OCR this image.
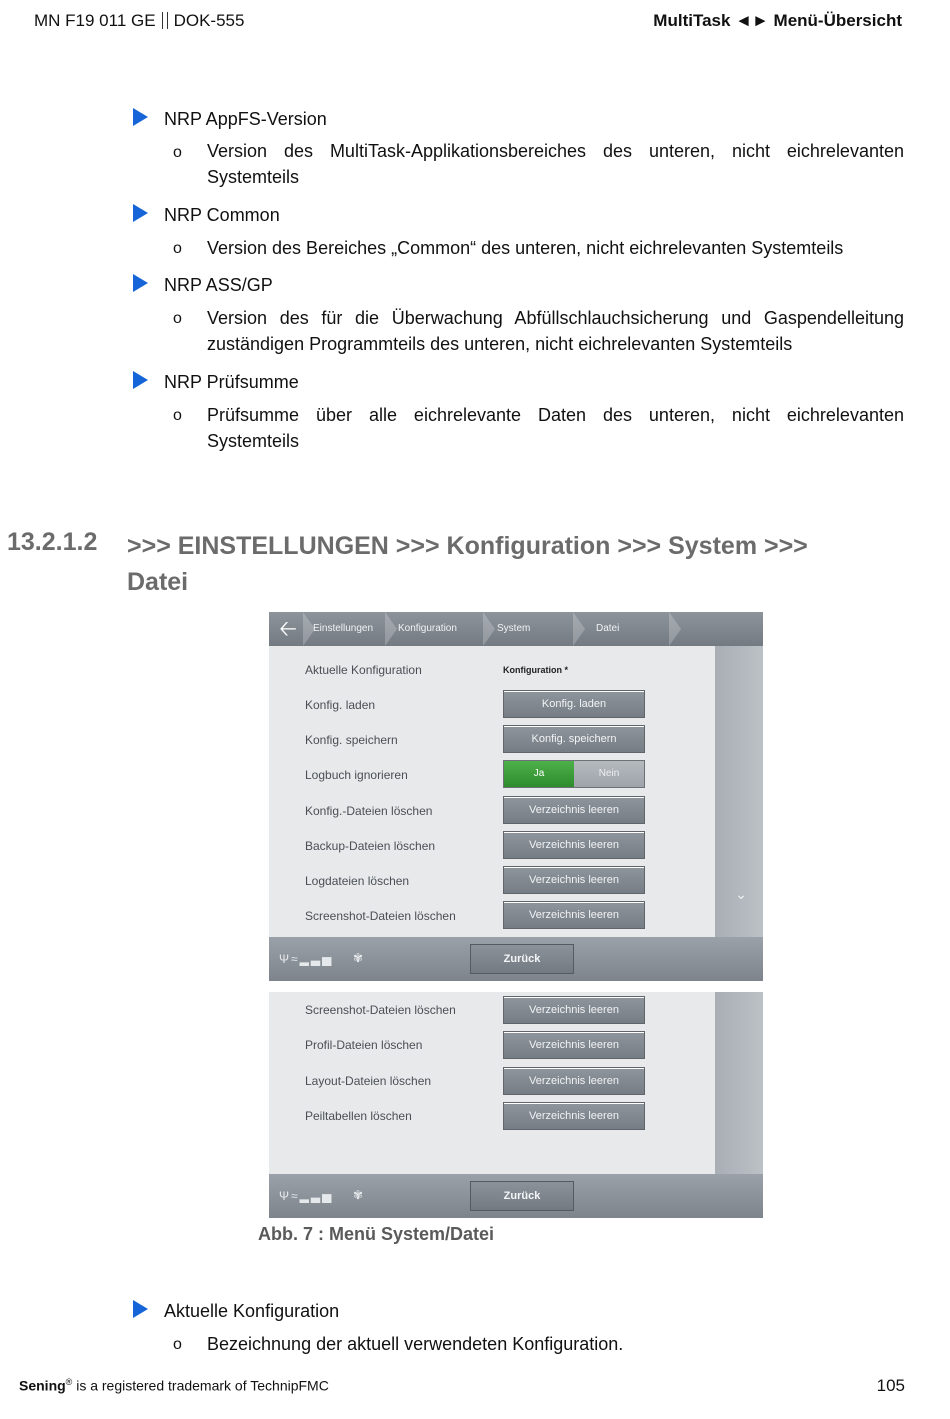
MN F19 011 GE DOK-555	MultiTask ◄► Menü-Übersicht
NRP AppFS-Version
o Version des MultiTask-Applikationsbereiches des unteren, nicht eichrelevanten Systemteils
NRP Common
o Version des Bereiches „Common“ des unteren, nicht eichrelevanten Systemteils
NRP ASS/GP
o Version des für die Überwachung Abfüllschlauchsicherung und Gaspendelleitung zuständigen Programmteils des unteren, nicht eichrelevanten Systemteils
NRP Prüfsumme
o Prüfsumme über alle eichrelevante Daten des unteren, nicht eichrelevanten Systemteils
13.2.1.2 >>> EINSTELLUNGEN >>> Konfiguration >>> System >>>
Datei
🡠	Einstellungen Konfiguration	System	Datei
⌄
Aktuelle Konfiguration	Konfiguration *
Konfig. laden	Konfig. laden
Konfig. speichern	Konfig. speichern
Logbuch ignorieren	Ja	Nein
Konfig.-Dateien löschen	Verzeichnis leeren
Backup-Dateien löschen	Verzeichnis leeren
Logdateien löschen	Verzeichnis leeren
Screenshot-Dateien löschen	Verzeichnis leeren
Ψ≈▂▃▅ ✾	Zurück
Screenshot-Dateien löschen	Verzeichnis leeren
Profil-Dateien löschen	Verzeichnis leeren
Layout-Dateien löschen	Verzeichnis leeren
Peiltabellen löschen	Verzeichnis leeren
Ψ≈▂▃▅ ✾	Zurück
Abb. 7 : Menü System/Datei
Aktuelle Konfiguration
o Bezeichnung der aktuell verwendeten Konfiguration.
Sening® is a registered trademark of TechnipFMC	105
